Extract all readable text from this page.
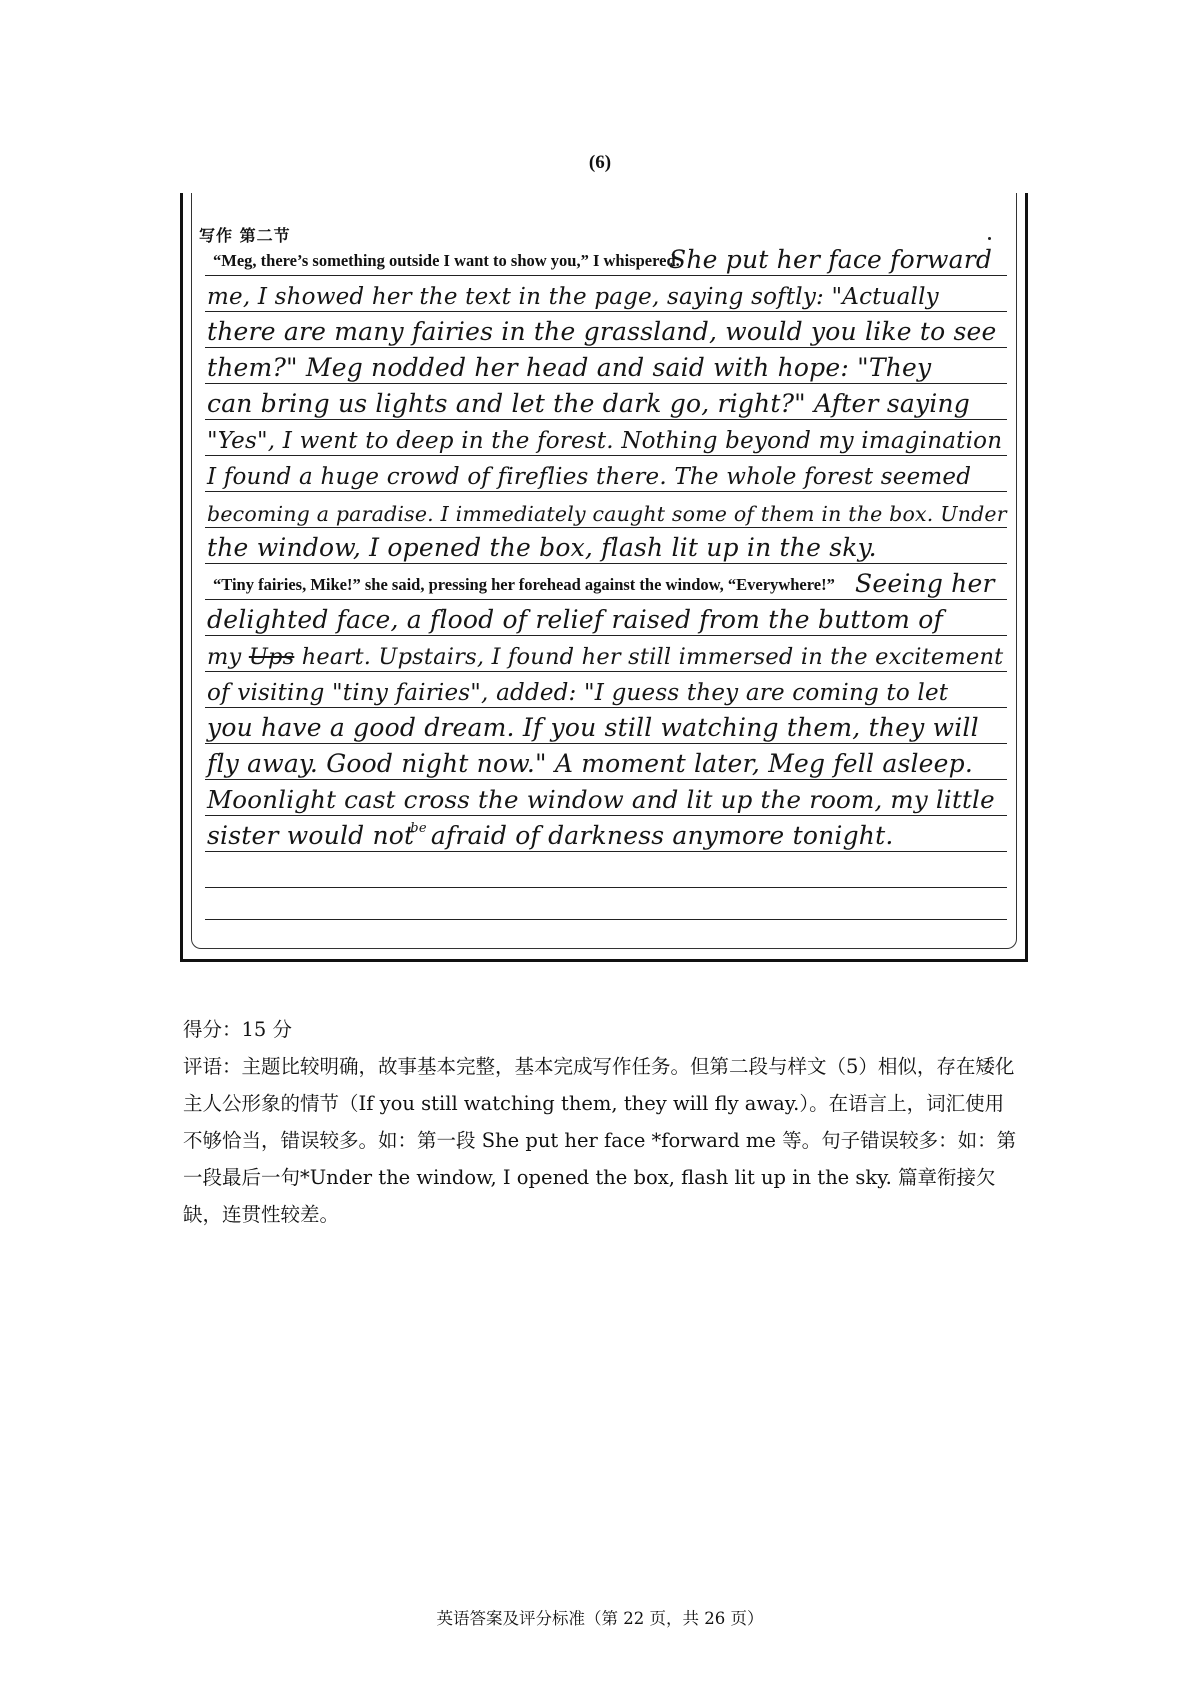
(6)
写作 第二节
“Meg, there’s something outside I want to show you,” I whispered.
She put her face forward
me, I showed her the text in the page, saying softly: "Actually
there are many fairies in the grassland, would you like to see
them?" Meg nodded her head and said with hope: "They
can bring us lights and let the dark go, right?" After saying
"Yes", I went to deep in the forest. Nothing beyond my imagination
I found a huge crowd of fireflies there. The whole forest seemed
becoming a paradise. I immediately caught some of them in the box. Under
the window, I opened the box, flash lit up in the sky.
“Tiny fairies, Mike!” she said, pressing her forehead against the window, “Everywhere!” Seeing her
delighted face, a flood of relief raised from the buttom of
my Ups heart. Upstairs, I found her still immersed in the excitement
of visiting "tiny fairies", added: "I guess they are coming to let
you have a good dream. If you still watching them, they will
fly away. Good night now." A moment later, Meg fell asleep.
Moonlight cast cross the window and lit up the room, my little
sister would not$^{be}$ afraid of darkness anymore tonight.

得分：15 分

评语：主题比较明确，故事基本完整，基本完成写作任务。但第二段与样文（5）相似，存在矮化主人公形象的情节（If you still watching them, they will fly away.）。在语言上，词汇使用不够恰当，错误较多。如：第一段 She put her face *forward me 等。句子错误较多：如：第一段最后一句*Under the window, I opened the box, flash lit up in the sky. 篇章衔接欠缺，连贯性较差。

英语答案及评分标准（第 22 页，共 26 页）
